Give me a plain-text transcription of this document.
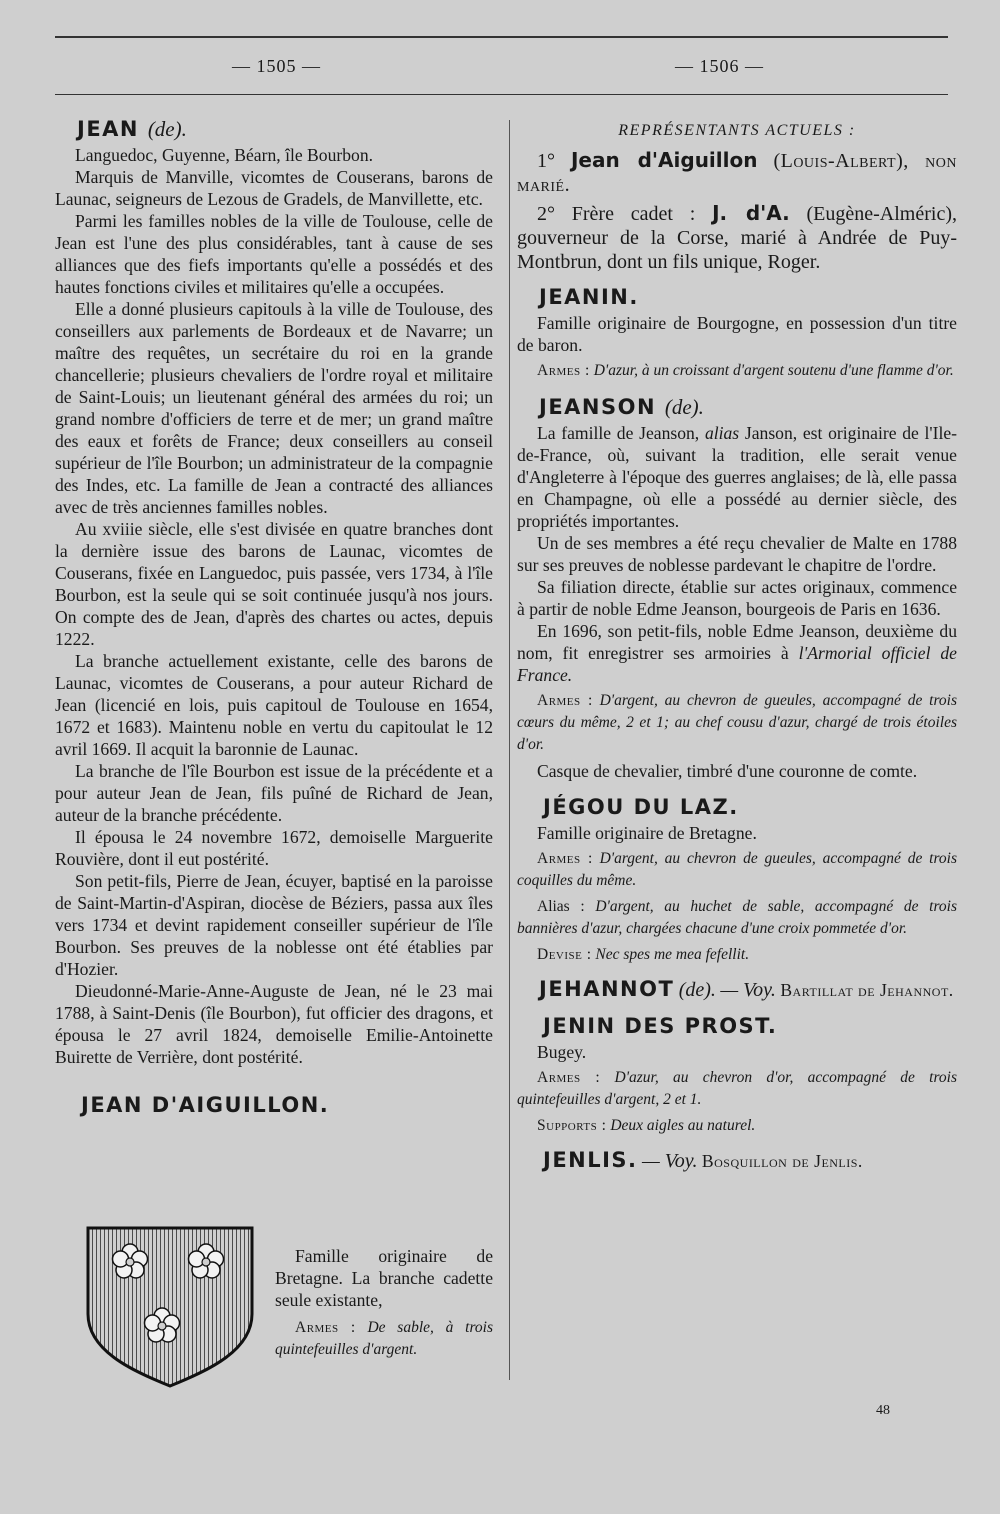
— 1505 —	— 1506 —
JEAN (de).

Languedoc, Guyenne, Béarn, île Bourbon.

Marquis de Manville, vicomtes de Couserans, barons de Launac, seigneurs de Lezous de Gradels, de Manvillette, etc.

Parmi les familles nobles de la ville de Toulouse, celle de Jean est l'une des plus considérables, tant à cause de ses alliances que des fiefs importants qu'elle a possédés et des hautes fonctions civiles et militaires qu'elle a occupées.

Elle a donné plusieurs capitouls à la ville de Toulouse, des conseillers aux parlements de Bordeaux et de Navarre; un maître des requêtes, un secrétaire du roi en la grande chancellerie; plusieurs chevaliers de l'ordre royal et militaire de Saint-Louis; un lieutenant général des armées du roi; un grand nombre d'officiers de terre et de mer; un grand maître des eaux et forêts de France; deux conseillers au conseil supérieur de l'île Bourbon; un administrateur de la compagnie des Indes, etc. La famille de Jean a contracté des alliances avec de très anciennes familles nobles.

Au xviiie siècle, elle s'est divisée en quatre branches dont la dernière issue des barons de Launac, vicomtes de Couserans, fixée en Languedoc, puis passée, vers 1734, à l'île Bourbon, est la seule qui se soit continuée jusqu'à nos jours. On compte des de Jean, d'après des chartes ou actes, depuis 1222.

La branche actuellement existante, celle des barons de Launac, vicomtes de Couserans, a pour auteur Richard de Jean (licencié en lois, puis capitoul de Toulouse en 1654, 1672 et 1683). Maintenu noble en vertu du capitoulat le 12 avril 1669. Il acquit la baronnie de Launac.

La branche de l'île Bourbon est issue de la précédente et a pour auteur Jean de Jean, fils puîné de Richard de Jean, auteur de la branche précédente.

Il épousa le 24 novembre 1672, demoiselle Marguerite Rouvière, dont il eut postérité.

Son petit-fils, Pierre de Jean, écuyer, baptisé en la paroisse de Saint-Martin-d'Aspiran, diocèse de Béziers, passa aux îles vers 1734 et devint rapidement conseiller supérieur de l'île Bourbon. Ses preuves de la noblesse ont été établies par d'Hozier.

Dieudonné-Marie-Anne-Auguste de Jean, né le 23 mai 1788, à Saint-Denis (île Bourbon), fut officier des dragons, et épousa le 27 avril 1824, demoiselle Emilie-Antoinette Buirette de Verrière, dont postérité.

JEAN D'AIGUILLON.

Famille originaire de Bretagne. La branche cadette seule existante,

Armes : De sable, à trois quintefeuilles d'argent.

REPRÉSENTANTS ACTUELS :

1° Jean d'Aiguillon (Louis-Albert), non marié.

2° Frère cadet : J. d'A. (Eugène-Alméric), gouverneur de la Corse, marié à Andrée de Puy-Montbrun, dont un fils unique, Roger.

JEANIN.

Famille originaire de Bourgogne, en possession d'un titre de baron.

Armes : D'azur, à un croissant d'argent soutenu d'une flamme d'or.

JEANSON (de).

La famille de Jeanson, alias Janson, est originaire de l'Ile-de-France, où, suivant la tradition, elle serait venue d'Angleterre à l'époque des guerres anglaises; de là, elle passa en Champagne, où elle a possédé au dernier siècle, des propriétés importantes.

Un de ses membres a été reçu chevalier de Malte en 1788 sur ses preuves de noblesse pardevant le chapitre de l'ordre.

Sa filiation directe, établie sur actes originaux, commence à partir de noble Edme Jeanson, bourgeois de Paris en 1636.

En 1696, son petit-fils, noble Edme Jeanson, deuxième du nom, fit enregistrer ses armoiries à l'Armorial officiel de France.

Armes : D'argent, au chevron de gueules, accompagné de trois cœurs du même, 2 et 1; au chef cousu d'azur, chargé de trois étoiles d'or.

Casque de chevalier, timbré d'une couronne de comte.

JÉGOU DU LAZ.

Famille originaire de Bretagne.

Armes : D'argent, au chevron de gueules, accompagné de trois coquilles du même.

Alias : D'argent, au huchet de sable, accompagné de trois bannières d'azur, chargées chacune d'une croix pommetée d'or.

Devise : Nec spes me mea fefellit.

JEHANNOT (de). — Voy. Bartillat de Jehannot.

JENIN DES PROST.

Bugey.

Armes : D'azur, au chevron d'or, accompagné de trois quintefeuilles d'argent, 2 et 1.

Supports : Deux aigles au naturel.

JENLIS. — Voy. Bosquillon de Jenlis.

48
